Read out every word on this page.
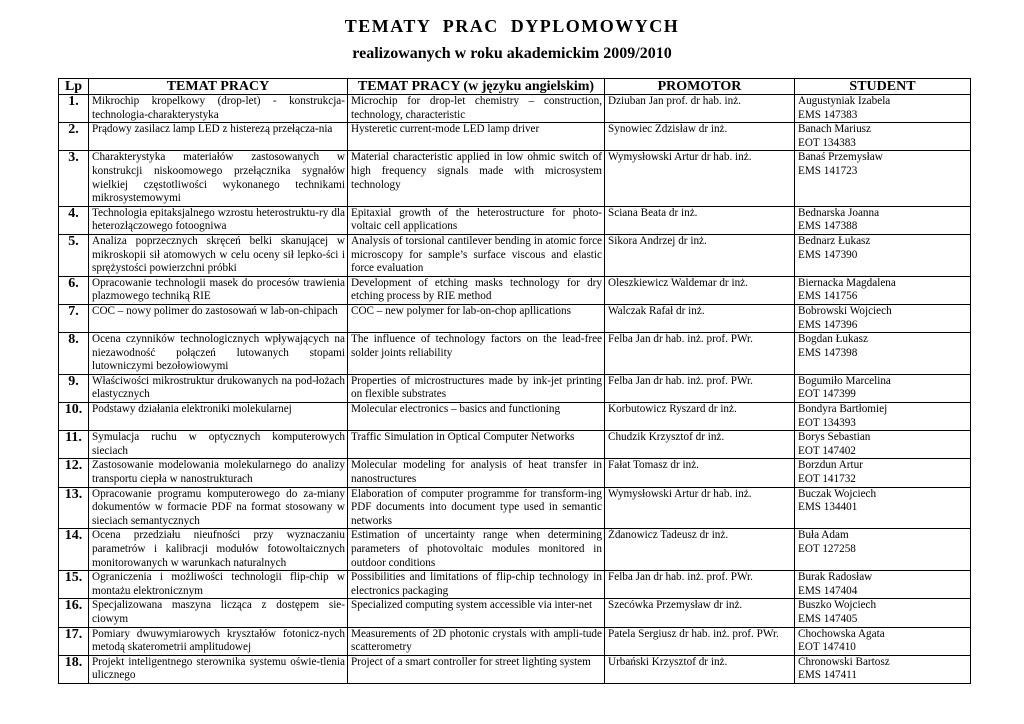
TEMATY PRAC DYPLOMOWYCH
realizowanych w roku akademickim 2009/2010
Lp	TEMAT PRACY	TEMAT PRACY (w języku angielskim)	PROMOTOR	STUDENT
1.	Mikrochip kropelkowy (drop-let) - konstrukcja-technologia-charakterystyka	Microchip for drop-let chemistry – construction, technology, characteristic	Dziuban Jan prof. dr hab. inż.	Augustyniak Izabela
EMS 147383

2.	Prądowy zasilacz lamp LED z histerezą przełącza-nia	Hysteretic current-mode LED lamp driver	Synowiec Zdzisław dr inż.	Banach Mariusz
EOT 134383

3.	Charakterystyka materiałów zastosowanych w konstrukcji niskoomowego przełącznika sygnałów wielkiej częstotliwości wykonanego technikami mikrosystemowymi	Material characteristic applied in low ohmic switch of high frequency signals made with microsystem technology	Wymysłowski Artur dr hab. inż.	Banaś Przemysław
EMS 141723

4.	Technologia epitaksjalnego wzrostu heterostruktu-ry dla heterozłączowego fotoogniwa	Epitaxial growth of the heterostructure for photo-voltaic cell applications	Ściana Beata dr inż.	Bednarska Joanna
EMS 147388

5.	Analiza poprzecznych skręceń belki skanującej w mikroskopii sił atomowych w celu oceny sił lepko-ści i sprężystości powierzchni próbki	Analysis of torsional cantilever bending in atomic force microscopy for sample’s surface viscous and elastic force evaluation	Sikora Andrzej dr inż.	Bednarz Łukasz
EMS 147390

6.	Opracowanie technologii masek do procesów trawienia plazmowego techniką RIE	Development of etching masks technology for dry etching process by RIE method	Oleszkiewicz Waldemar dr inż.	Biernacka Magdalena
EMS 141756

7.	COC – nowy polimer do zastosowań w lab-on-chipach	COC – new polymer for lab-on-chop apllications	Walczak Rafał dr inż.	Bobrowski Wojciech
EMS 147396

8.	Ocena czynników technologicznych wpływających na niezawodność połączeń lutowanych stopami lutowniczymi bezołowiowymi	The influence of technology factors on the lead-free solder joints reliability	Felba Jan dr hab. inż. prof. PWr.	Bogdan Łukasz
EMS 147398

9.	Właściwości mikrostruktur drukowanych na pod-łożach elastycznych	Properties of microstructures made by ink-jet printing on flexible substrates	Felba Jan dr hab. inż. prof. PWr.	Bogumiło Marcelina
EOT 147399

10.	Podstawy działania elektroniki molekularnej	Molecular electronics – basics and functioning	Korbutowicz Ryszard dr inż.	Bondyra Bartłomiej
EOT 134393

11.	Symulacja ruchu w optycznych komputerowych sieciach	Traffic Simulation in Optical Computer Networks	Chudzik Krzysztof dr inż.	Borys Sebastian
EOT 147402

12.	Zastosowanie modelowania molekularnego do analizy transportu ciepła w nanostrukturach	Molecular modeling for analysis of heat transfer in nanostructures	Fałat Tomasz dr inż.	Borzdun Artur
EOT 141732

13.	Opracowanie programu komputerowego do za-miany dokumentów w formacie PDF na format stosowany w sieciach semantycznych	Elaboration of computer programme for transform-ing PDF documents into document type used in semantic networks	Wymysłowski Artur dr hab. inż.	Buczak Wojciech
EMS 134401

14.	Ocena przedziału nieufności przy wyznaczaniu parametrów i kalibracji modułów fotowoltaicznych monitorowanych w warunkach naturalnych	Estimation of uncertainty range when determining parameters of photovoltaic modules monitored in outdoor conditions	Żdanowicz Tadeusz dr inż.	Buła Adam
EOT 127258

15.	Ograniczenia i możliwości technologii flip-chip w montażu elektronicznym	Possibilities and limitations of flip-chip technology in electronics packaging	Felba Jan dr hab. inż. prof. PWr.	Burak Radosław
EMS 147404

16.	Specjalizowana maszyna licząca z dostępem sie-ciowym	Specialized computing system accessible via inter-net	Szecówka Przemysław dr inż.	Buszko Wojciech
EMS 147405

17.	Pomiary dwuwymiarowych kryształów fotonicz-nych metodą skaterometrii amplitudowej	Measurements of 2D photonic crystals with ampli-tude scatterometry	Patela Sergiusz dr hab. inż. prof. PWr.	Chochowska Agata
EOT 147410

18.	Projekt inteligentnego sterownika systemu oświe-tlenia ulicznego	Project of a smart controller for street lighting system	Urbański Krzysztof dr inż.	Chronowski Bartosz
EMS 147411
